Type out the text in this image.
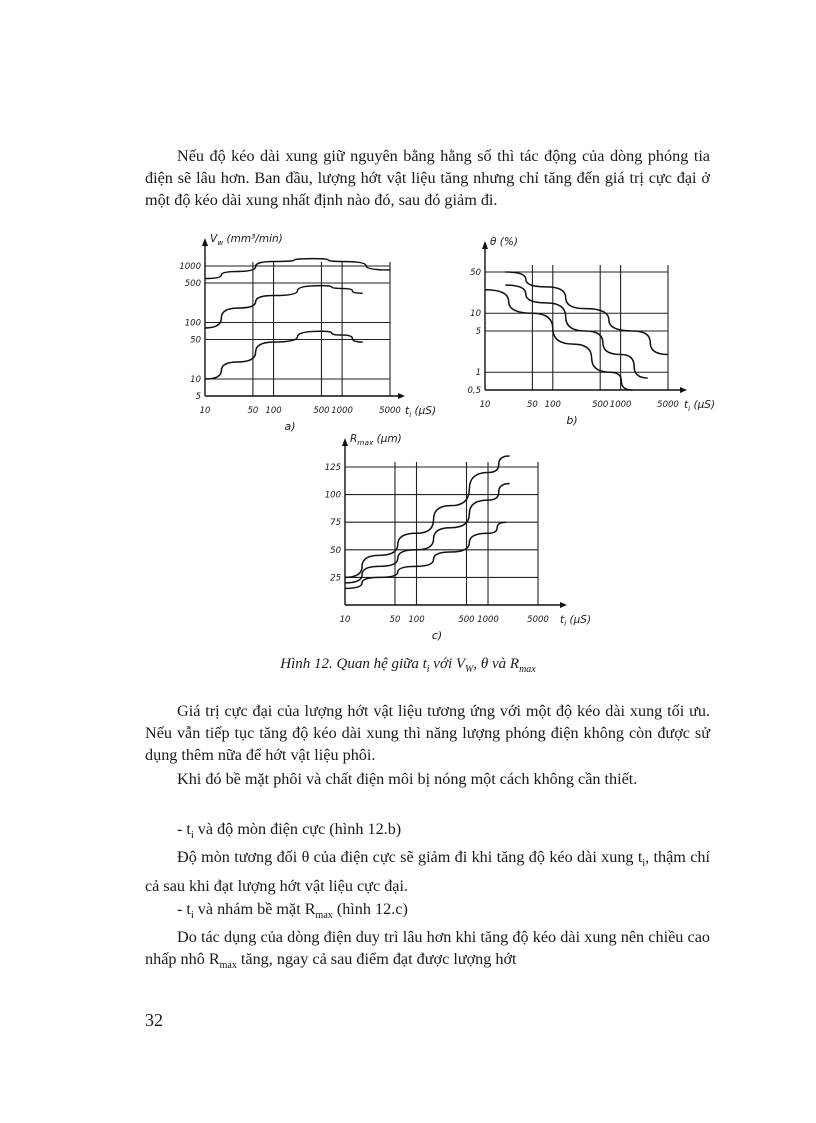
Nếu độ kéo dài xung giữ nguyên bằng hằng số thì tác động của dòng phóng tia điện sẽ lâu hơn. Ban đầu, lượng hớt vật liệu tăng nhưng chỉ tăng đến giá trị cực đại ở một độ kéo dài xung nhất định nào đó, sau đó giảm đi.

$V_w$ (mm³/min)
$t_i$ (µS)
a)
10	50 100	500 1000	5000
1000
500
100
50
10
5
θ (%)
$t_i$ (µS)
b)
10	50 100	500 1000	5000
50
10
5
1
0,5
$R_{max}$ (µm)
$t_i$ (µS)
c)
10	50 100	500 1000	5000
125
100
75
50
25
Hình 12. Quan hệ giữa $t_i$ với $V_W$, θ và $R_{max}$

Giá trị cực đại của lượng hớt vật liệu tương ứng với một độ kéo dài xung tối ưu. Nếu vẫn tiếp tục tăng độ kéo dài xung thì năng lượng phóng điện không còn được sử dụng thêm nữa để hớt vật liệu phôi.

Khi đó bề mặt phôi và chất điện môi bị nóng một cách không cần thiết.

- $t_i$ và độ mòn điện cực (hình 12.b)

Độ mòn tương đối θ của điện cực sẽ giảm đi khi tăng độ kéo dài xung $t_i$, thậm chí cả sau khi đạt lượng hớt vật liệu cực đại.

- $t_i$ và nhám bề mặt $R_{max}$ (hình 12.c)

Do tác dụng của dòng điện duy trì lâu hơn khi tăng độ kéo dài xung nên chiều cao nhấp nhô $R_{max}$ tăng, ngay cả sau điểm đạt được lượng hớt

32
